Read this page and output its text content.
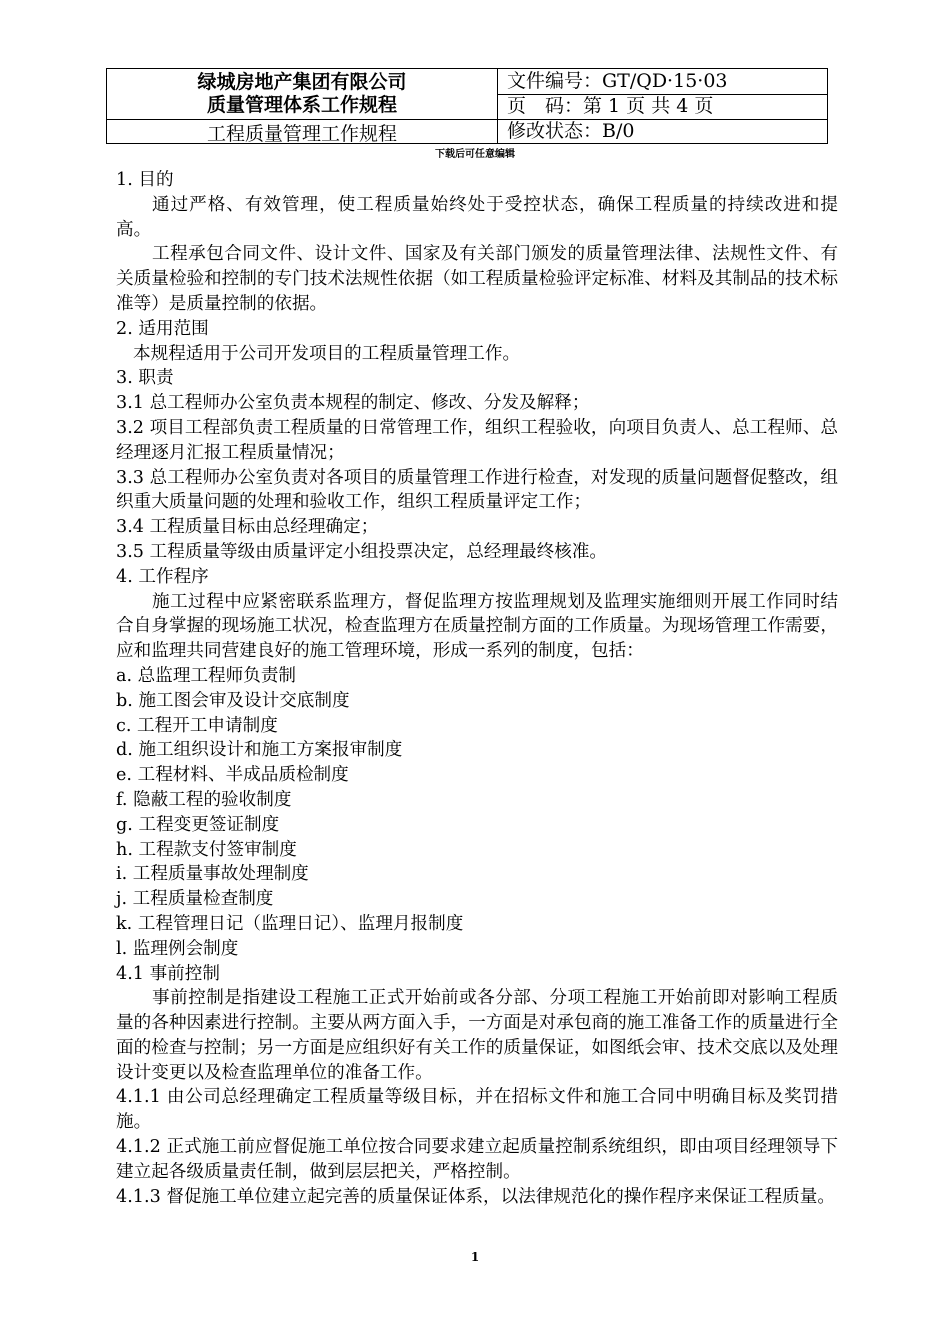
绿城房地产集团有限公司
质量管理体系工作规程
工程质量管理工作规程
文件编号：GT/QD·15·03
页　码：第 1 页 共 4 页
修改状态：B/0
下载后可任意编辑

1. 目的

通过严格、有效管理，使工程质量始终处于受控状态，确保工程质量的持续改进和提高。

工程承包合同文件、设计文件、国家及有关部门颁发的质量管理法律、法规性文件、有关质量检验和控制的专门技术法规性依据（如工程质量检验评定标准、材料及其制品的技术标准等）是质量控制的依据。

2. 适用范围

本规程适用于公司开发项目的工程质量管理工作。

3. 职责

3.1 总工程师办公室负责本规程的制定、修改、分发及解释；

3.2 项目工程部负责工程质量的日常管理工作，组织工程验收，向项目负责人、总工程师、总经理逐月汇报工程质量情况；

3.3 总工程师办公室负责对各项目的质量管理工作进行检查，对发现的质量问题督促整改，组织重大质量问题的处理和验收工作，组织工程质量评定工作；

3.4 工程质量目标由总经理确定；

3.5 工程质量等级由质量评定小组投票决定，总经理最终核准。

4. 工作程序

施工过程中应紧密联系监理方，督促监理方按监理规划及监理实施细则开展工作同时结合自身掌握的现场施工状况，检查监理方在质量控制方面的工作质量。为现场管理工作需要，应和监理共同营建良好的施工管理环境，形成一系列的制度，包括：

a. 总监理工程师负责制

b. 施工图会审及设计交底制度

c. 工程开工申请制度

d. 施工组织设计和施工方案报审制度

e. 工程材料、半成品质检制度

f. 隐蔽工程的验收制度

g. 工程变更签证制度

h. 工程款支付签审制度

i. 工程质量事故处理制度

j. 工程质量检查制度

k. 工程管理日记（监理日记）、监理月报制度

l. 监理例会制度

4.1 事前控制

事前控制是指建设工程施工正式开始前或各分部、分项工程施工开始前即对影响工程质量的各种因素进行控制。主要从两方面入手，一方面是对承包商的施工准备工作的质量进行全面的检查与控制；另一方面是应组织好有关工作的质量保证，如图纸会审、技术交底以及处理设计变更以及检查监理单位的准备工作。

4.1.1 由公司总经理确定工程质量等级目标，并在招标文件和施工合同中明确目标及奖罚措施。

4.1.2 正式施工前应督促施工单位按合同要求建立起质量控制系统组织，即由项目经理领导下建立起各级质量责任制，做到层层把关，严格控制。

4.1.3 督促施工单位建立起完善的质量保证体系，以法律规范化的操作程序来保证工程质量。

1
